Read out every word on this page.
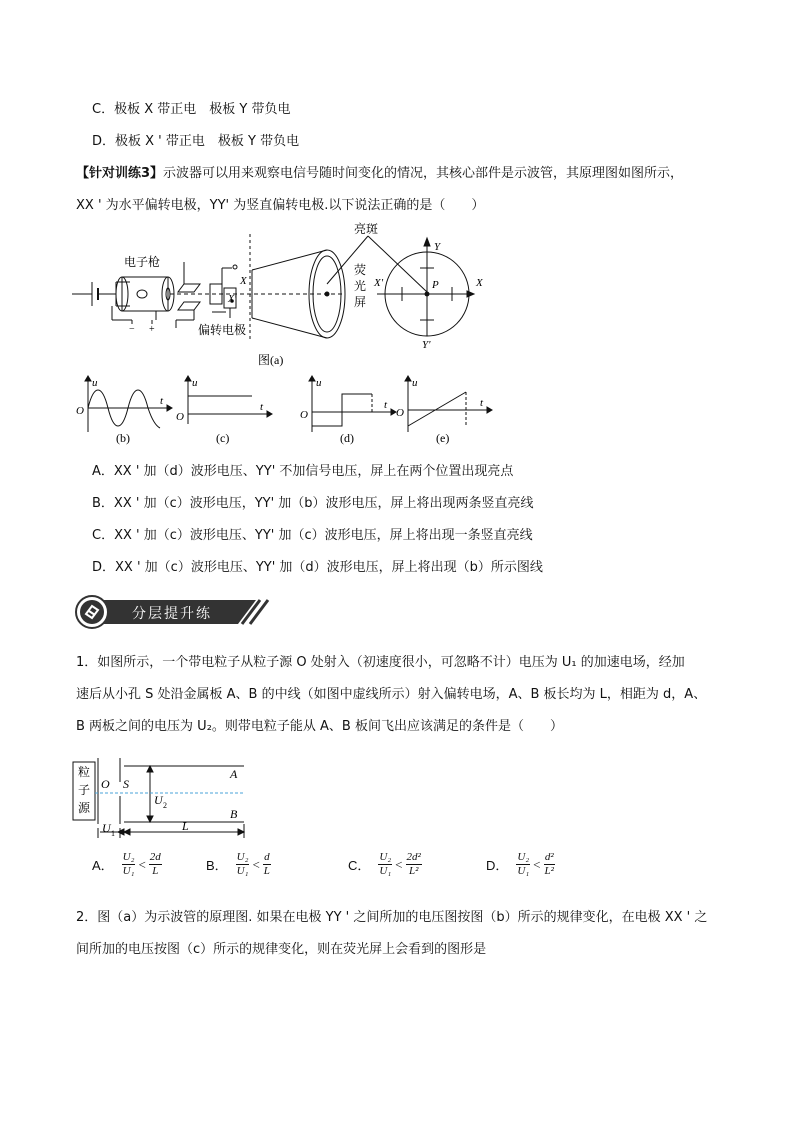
C．极板 X 带正电　极板 Y 带负电
D．极板 X ' 带正电　极板 Y 带负电
【针对训练3】示波器可以用来观察电信号随时间变化的情况，其核心部件是示波管，其原理图如图所示，
XX ' 为水平偏转电极，YY' 为竖直偏转电极.以下说法正确的是（　　）
电子枪
亮斑
荧
光
屏
偏转电极
X
X'
Y
Y'
X
X'	P
− +
图(a)
u
t
O
(b)
u
t
O
(c)
u
t
O
(d)
u
t
O
(e)
A．XX ' 加（d）波形电压、YY' 不加信号电压，屏上在两个位置出现亮点
B．XX ' 加（c）波形电压，YY' 加（b）波形电压，屏上将出现两条竖直亮线
C．XX ' 加（c）波形电压、YY' 加（c）波形电压，屏上将出现一条竖直亮线
D．XX ' 加（c）波形电压、YY' 加（d）波形电压，屏上将出现（b）所示图线
分层提升练
1．如图所示，一个带电粒子从粒子源 O 处射入（初速度很小，可忽略不计）电压为 U₁ 的加速电场，经加
速后从小孔 S 处沿金属板 A、B 的中线（如图中虚线所示）射入偏转电场，A、B 板长均为 L，相距为 d，A、
B 两板之间的电压为 U₂。则带电粒子能从 A、B 板间飞出应该满足的条件是（　　）
粒
子
源
O S
A
B
U 2
U 1
L
A． $\frac{\text{U₂}}{\text{U₁}} < \frac{2d}{L}$	B． $\frac{\text{U₂}}{\text{U₁}} < \frac{d}{L}$	C． $\frac{\text{U₂}}{\text{U₁}} < \frac{\text{2d²}}{\text{L²}}$	D． $\frac{\text{U₂}}{\text{U₁}} < \frac{\text{d²}}{\text{L²}}$
2．图（a）为示波管的原理图. 如果在电极 YY ' 之间所加的电压图按图（b）所示的规律变化，在电极 XX ' 之
间所加的电压按图（c）所示的规律变化，则在荧光屏上会看到的图形是
